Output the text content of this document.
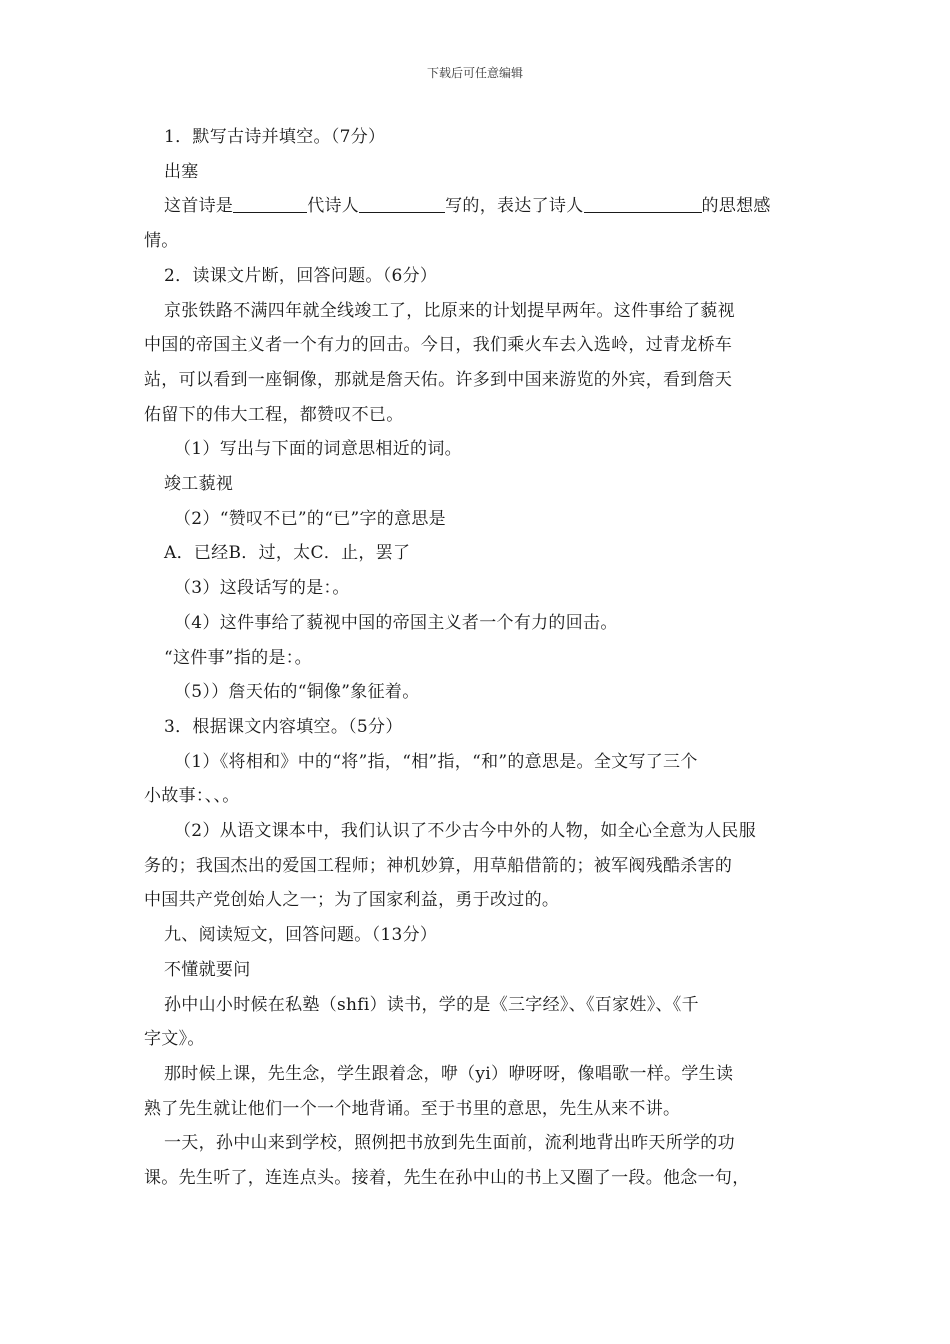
下载后可任意编辑

1．默写古诗并填空。（7分）

出塞

这首诗是	代诗人	写的，表达了诗人	的思想感

情。

2．读课文片断，回答问题。（6分）

京张铁路不满四年就全线竣工了，比原来的计划提早两年。这件事给了藐视

中国的帝国主义者一个有力的回击。今日，我们乘火车去入选岭，过青龙桥车

站，可以看到一座铜像，那就是詹天佑。许多到中国来游览的外宾，看到詹天

佑留下的伟大工程，都赞叹不已。

（1）写出与下面的词意思相近的词。

竣工藐视

（2）“赞叹不已”的“已”字的意思是

A．已经B．过，太C．止，罢了

（3）这段话写的是：。

（4）这件事给了藐视中国的帝国主义者一个有力的回击。

“这件事”指的是：。

（5））詹天佑的“铜像”象征着。

3．根据课文内容填空。（5分）

（1）《将相和》中的“将”指，“相”指，“和”的意思是。全文写了三个

小故事：、、。

（2）从语文课本中，我们认识了不少古今中外的人物，如全心全意为人民服

务的；我国杰出的爱国工程师；神机妙算，用草船借箭的；被军阀残酷杀害的

中国共产党创始人之一；为了国家利益，勇于改过的。

九、阅读短文，回答问题。（13分）

不懂就要问

孙中山小时候在私塾（shfi）读书，学的是《三字经》、《百家姓》、《千

字文》。

那时候上课，先生念，学生跟着念，咿（yi）咿呀呀，像唱歌一样。学生读

熟了先生就让他们一个一个地背诵。至于书里的意思，先生从来不讲。

一天，孙中山来到学校，照例把书放到先生面前，流利地背出昨天所学的功

课。先生听了，连连点头。接着，先生在孙中山的书上又圈了一段。他念一句，
